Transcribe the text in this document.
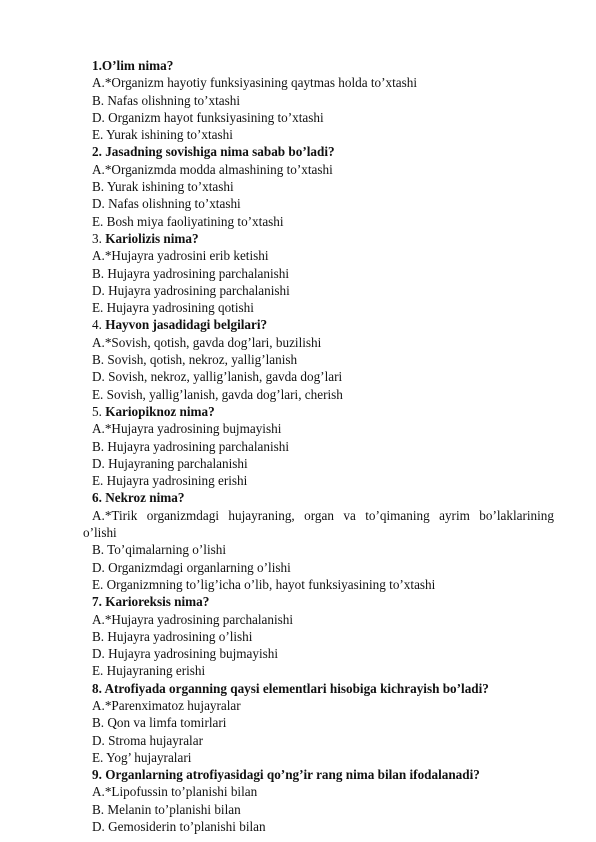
1.O’lim nima?
A.*Organizm hayotiy funksiyasining qaytmas holda to’xtashi
B. Nafas olishning to’xtashi
D. Organizm hayot funksiyasining to’xtashi
E. Yurak ishining to’xtashi
2. Jasadning sovishiga nima sabab bo’ladi?
A.*Organizmda modda almashining to’xtashi
B. Yurak ishining to’xtashi
D. Nafas olishning to’xtashi
E. Bosh miya faoliyatining to’xtashi
3. Kariolizis nima?
A.*Hujayra yadrosini erib ketishi
B. Hujayra yadrosining parchalanishi
D. Hujayra yadrosining parchalanishi
E. Hujayra yadrosining qotishi
4. Hayvon jasadidagi belgilari?
A.*Sovish, qotish, gavda dog’lari, buzilishi
B. Sovish, qotish, nekroz, yallig’lanish
D. Sovish, nekroz, yallig’lanish, gavda dog’lari
E. Sovish, yallig’lanish, gavda dog’lari, cherish
5. Kariopiknoz nima?
A.*Hujayra yadrosining bujmayishi
B. Hujayra yadrosining parchalanishi
D. Hujayraning parchalanishi
E. Hujayra yadrosining erishi
6. Nekroz nima?
A.*Tirik organizmdagi hujayraning, organ va to’qimaning ayrim bo’laklarining
o’lishi
B. To’qimalarning o’lishi
D. Organizmdagi organlarning o’lishi
E. Organizmning to’lig’icha o’lib, hayot funksiyasining to’xtashi
7. Karioreksis nima?
A.*Hujayra yadrosining parchalanishi
B. Hujayra yadrosining o’lishi
D. Hujayra yadrosining bujmayishi
E. Hujayraning erishi
8. Atrofiyada organning qaysi elementlari hisobiga kichrayish bo’ladi?
A.*Parenximatoz hujayralar
B. Qon va limfa tomirlari
D. Stroma hujayralar
E. Yog’ hujayralari
9. Organlarning atrofiyasidagi qo’ng’ir rang nima bilan ifodalanadi?
A.*Lipofussin to’planishi bilan
B. Melanin to’planishi bilan
D. Gemosiderin to’planishi bilan
